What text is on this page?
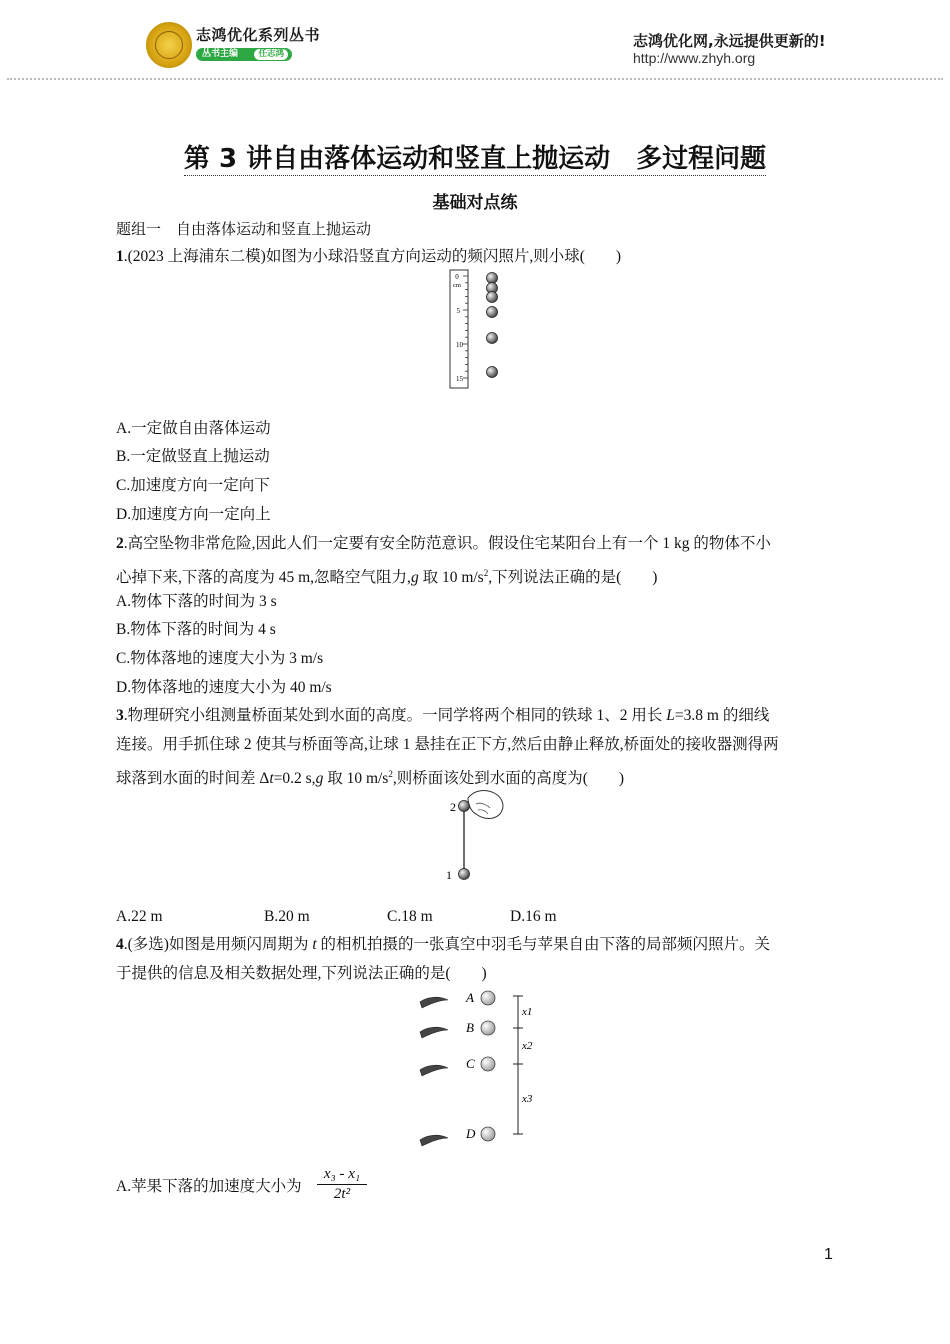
志鸿优化系列丛书
丛书主编	任志鸿
志鸿优化网,永远提供更新的!
http://www.zhyh.org
第 3 讲自由落体运动和竖直上抛运动　多过程问题
基础对点练
题组一　自由落体运动和竖直上抛运动
1.(2023 上海浦东二模)如图为小球沿竖直方向运动的频闪照片,则小球(　　)
0
cm
5
10
15
A.一定做自由落体运动
B.一定做竖直上抛运动
C.加速度方向一定向下
D.加速度方向一定向上
2.高空坠物非常危险,因此人们一定要有安全防范意识。假设住宅某阳台上有一个 1 kg 的物体不小
心掉下来,下落的高度为 45 m,忽略空气阻力,g 取 10 $m/s^2$,下列说法正确的是(　　)
A.物体下落的时间为 3 s
B.物体下落的时间为 4 s
C.物体落地的速度大小为 3 m/s
D.物体落地的速度大小为 40 m/s
3.物理研究小组测量桥面某处到水面的高度。一同学将两个相同的铁球 1、2 用长 L=3.8 m 的细线
连接。用手抓住球 2 使其与桥面等高,让球 1 悬挂在正下方,然后由静止释放,桥面处的接收器测得两
球落到水面的时间差 Δt=0.2 s,g 取 10 $m/s^2$,则桥面该处到水面的高度为(　　)
2
1
A.22 m	B.20 m	C.18 m	D.16 m
4.(多选)如图是用频闪周期为 t 的相机拍摄的一张真空中羽毛与苹果自由下落的局部频闪照片。关
于提供的信息及相关数据处理,下列说法正确的是(　　)
A
B
C
D
x1
x2
x3
A.苹果下落的加速度大小为
x₃ - x₁
2t²
1
